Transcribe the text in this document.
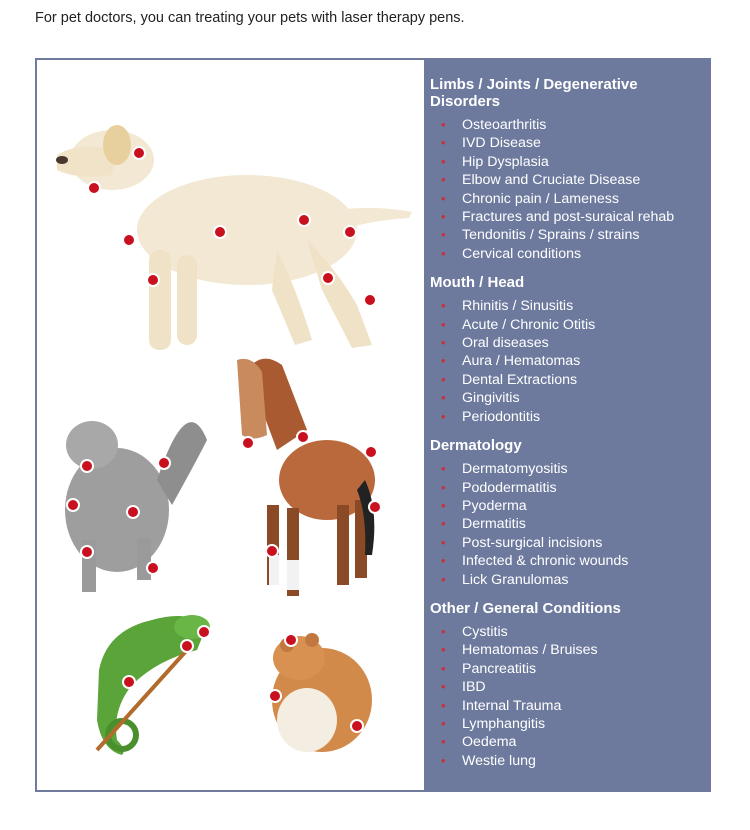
For pet doctors, you can treating your pets with laser therapy pens.
Limbs / Joints / Degenerative Disorders
• Osteoarthritis
• IVD Disease
• Hip Dysplasia
• Elbow and Cruciate Disease
• Chronic pain / Lameness
• Fractures and post-suraical rehab
• Tendonitis / Sprains / strains
• Cervical conditions
Mouth / Head
• Rhinitis / Sinusitis
• Acute / Chronic Otitis
• Oral diseases
• Aura / Hematomas
• Dental Extractions
• Gingivitis
• Periodontitis
Dermatology
• Dermatomyositis
• Pododermatitis
• Pyoderma
• Dermatitis
• Post-surgical incisions
• Infected & chronic wounds
• Lick Granulomas
Other / General Conditions
• Cystitis
• Hematomas / Bruises
• Pancreatitis
• IBD
• Internal Trauma
• Lymphangitis
• Oedema
• Westie lung
